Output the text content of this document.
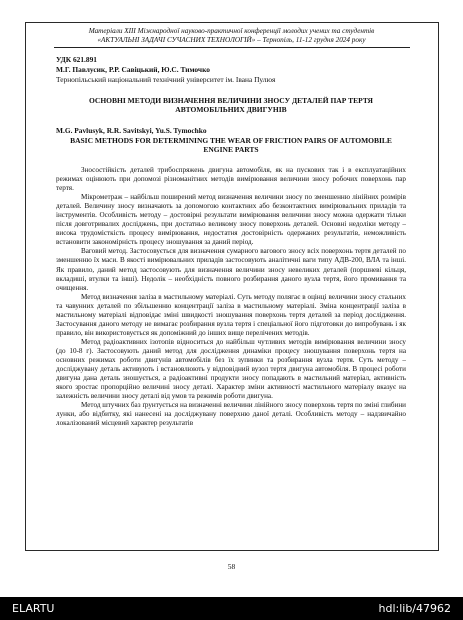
Матеріали XIII Міжнародної науково-практичної конференції молодих учених та студентів
«АКТУАЛЬНІ ЗАДАЧІ СУЧАСНИХ ТЕХНОЛОГІЙ» – Тернопіль, 11-12 грудня 2024 року
УДК 621.891
М.Г. Павлусик, Р.Р. Савіцький, Ю.С. Тимочко
Тернопільський національний технічний університет ім. Івана Пулюя
ОСНОВНІ МЕТОДИ ВИЗНАЧЕННЯ ВЕЛИЧИНИ ЗНОСУ ДЕТАЛЕЙ ПАР ТЕРТЯ АВТОМОБІЛЬНИХ ДВИГУНІВ
M.G. Pavlusyk, R.R. Savitskyi, Yu.S. Tymochko
BASIC METHODS FOR DETERMINING THE WEAR OF FRICTION PAIRS OF AUTOMOBILE ENGINE PARTS

Зносостійкість деталей трибоспряжень двигуна автомобіля, як на пускових так і в експлуатаційних режимах оцінюють при допомозі різноманітних методів вимірювання величини зносу робочих поверхонь пар тертя.

Мікрометраж – найбільш поширений метод визначення величини зносу по зменшенню лінійних розмірів деталей. Величину зносу визначають за допомогою контактних або безконтактних вимірювальних приладів та інструментів. Особливість методу – достовірні результати вимірювання величини зносу можна одержати тільки після довготривалих досліджень, при достатньо великому зносу поверхонь деталей. Основні недоліки методу – висока трудомісткість процесу вимірювання, недостатня достовірність одержаних результатів, неможливість встановити закономірність процесу зношування за даний період.

Ваговий метод. Застосовується для визначення сумарного вагового зносу всіх поверхонь тертя деталей по зменшенню їх маси. В якості вимірювальних приладів застосовують аналітичні ваги типу АДВ-200, ВЛА та інші. Як правило, даний метод застосовують для визначення величини зносу невеликих деталей (поршневі кільця, вкладиші, втулки та інші). Недолік – необхідність повного розбирання даного вузла тертя, його промивання та очищення.

Метод визначення заліза в мастильному матеріалі. Суть методу полягає в оцінці величини зносу стальних та чавунних деталей по збільшенню концентрації заліза в мастильному матеріалі. Зміна концентрації заліза в мастильному матеріалі відповідає зміні швидкості зношування поверхонь тертя деталей за період дослідження. Застосування даного методу не вимагає розбирання вузла тертя і спеціальної його підготовки до випробувань і як правило, він використовується як допоміжний до інших вище перелічених методів.

Метод радіоактивних ізотопів відноситься до найбільш чутливих методів вимірювання величини зносу (до 10-8 г). Застосовують даний метод для дослідження динаміки процесу зношування поверхонь тертя на основних режимах роботи двигунів автомобілів без їх зупинки та розбирання вузла тертя. Суть методу – досліджувану деталь активують і встановлюють у відповідний вузол тертя двигуна автомобіля. В процесі роботи двигуна дана деталь зношується, а радіоактивні продукти зносу попадають в мастильний матеріал, активність якого зростає пропорційно величині зносу деталі. Характер зміни активності мастильного матеріалу вказує на залежність величини зносу деталі від умов та режимів роботи двигуна.

Метод штучних баз ґрунтується на визначенні величини лінійного зносу поверхонь тертя по зміні глибини лунки, або відбитку, які нанесені на досліджувану поверхню даної деталі. Особливість методу – надзвичайно локалізований місцевий характер результатів

58
ELARTU	hdl:lib/47962
